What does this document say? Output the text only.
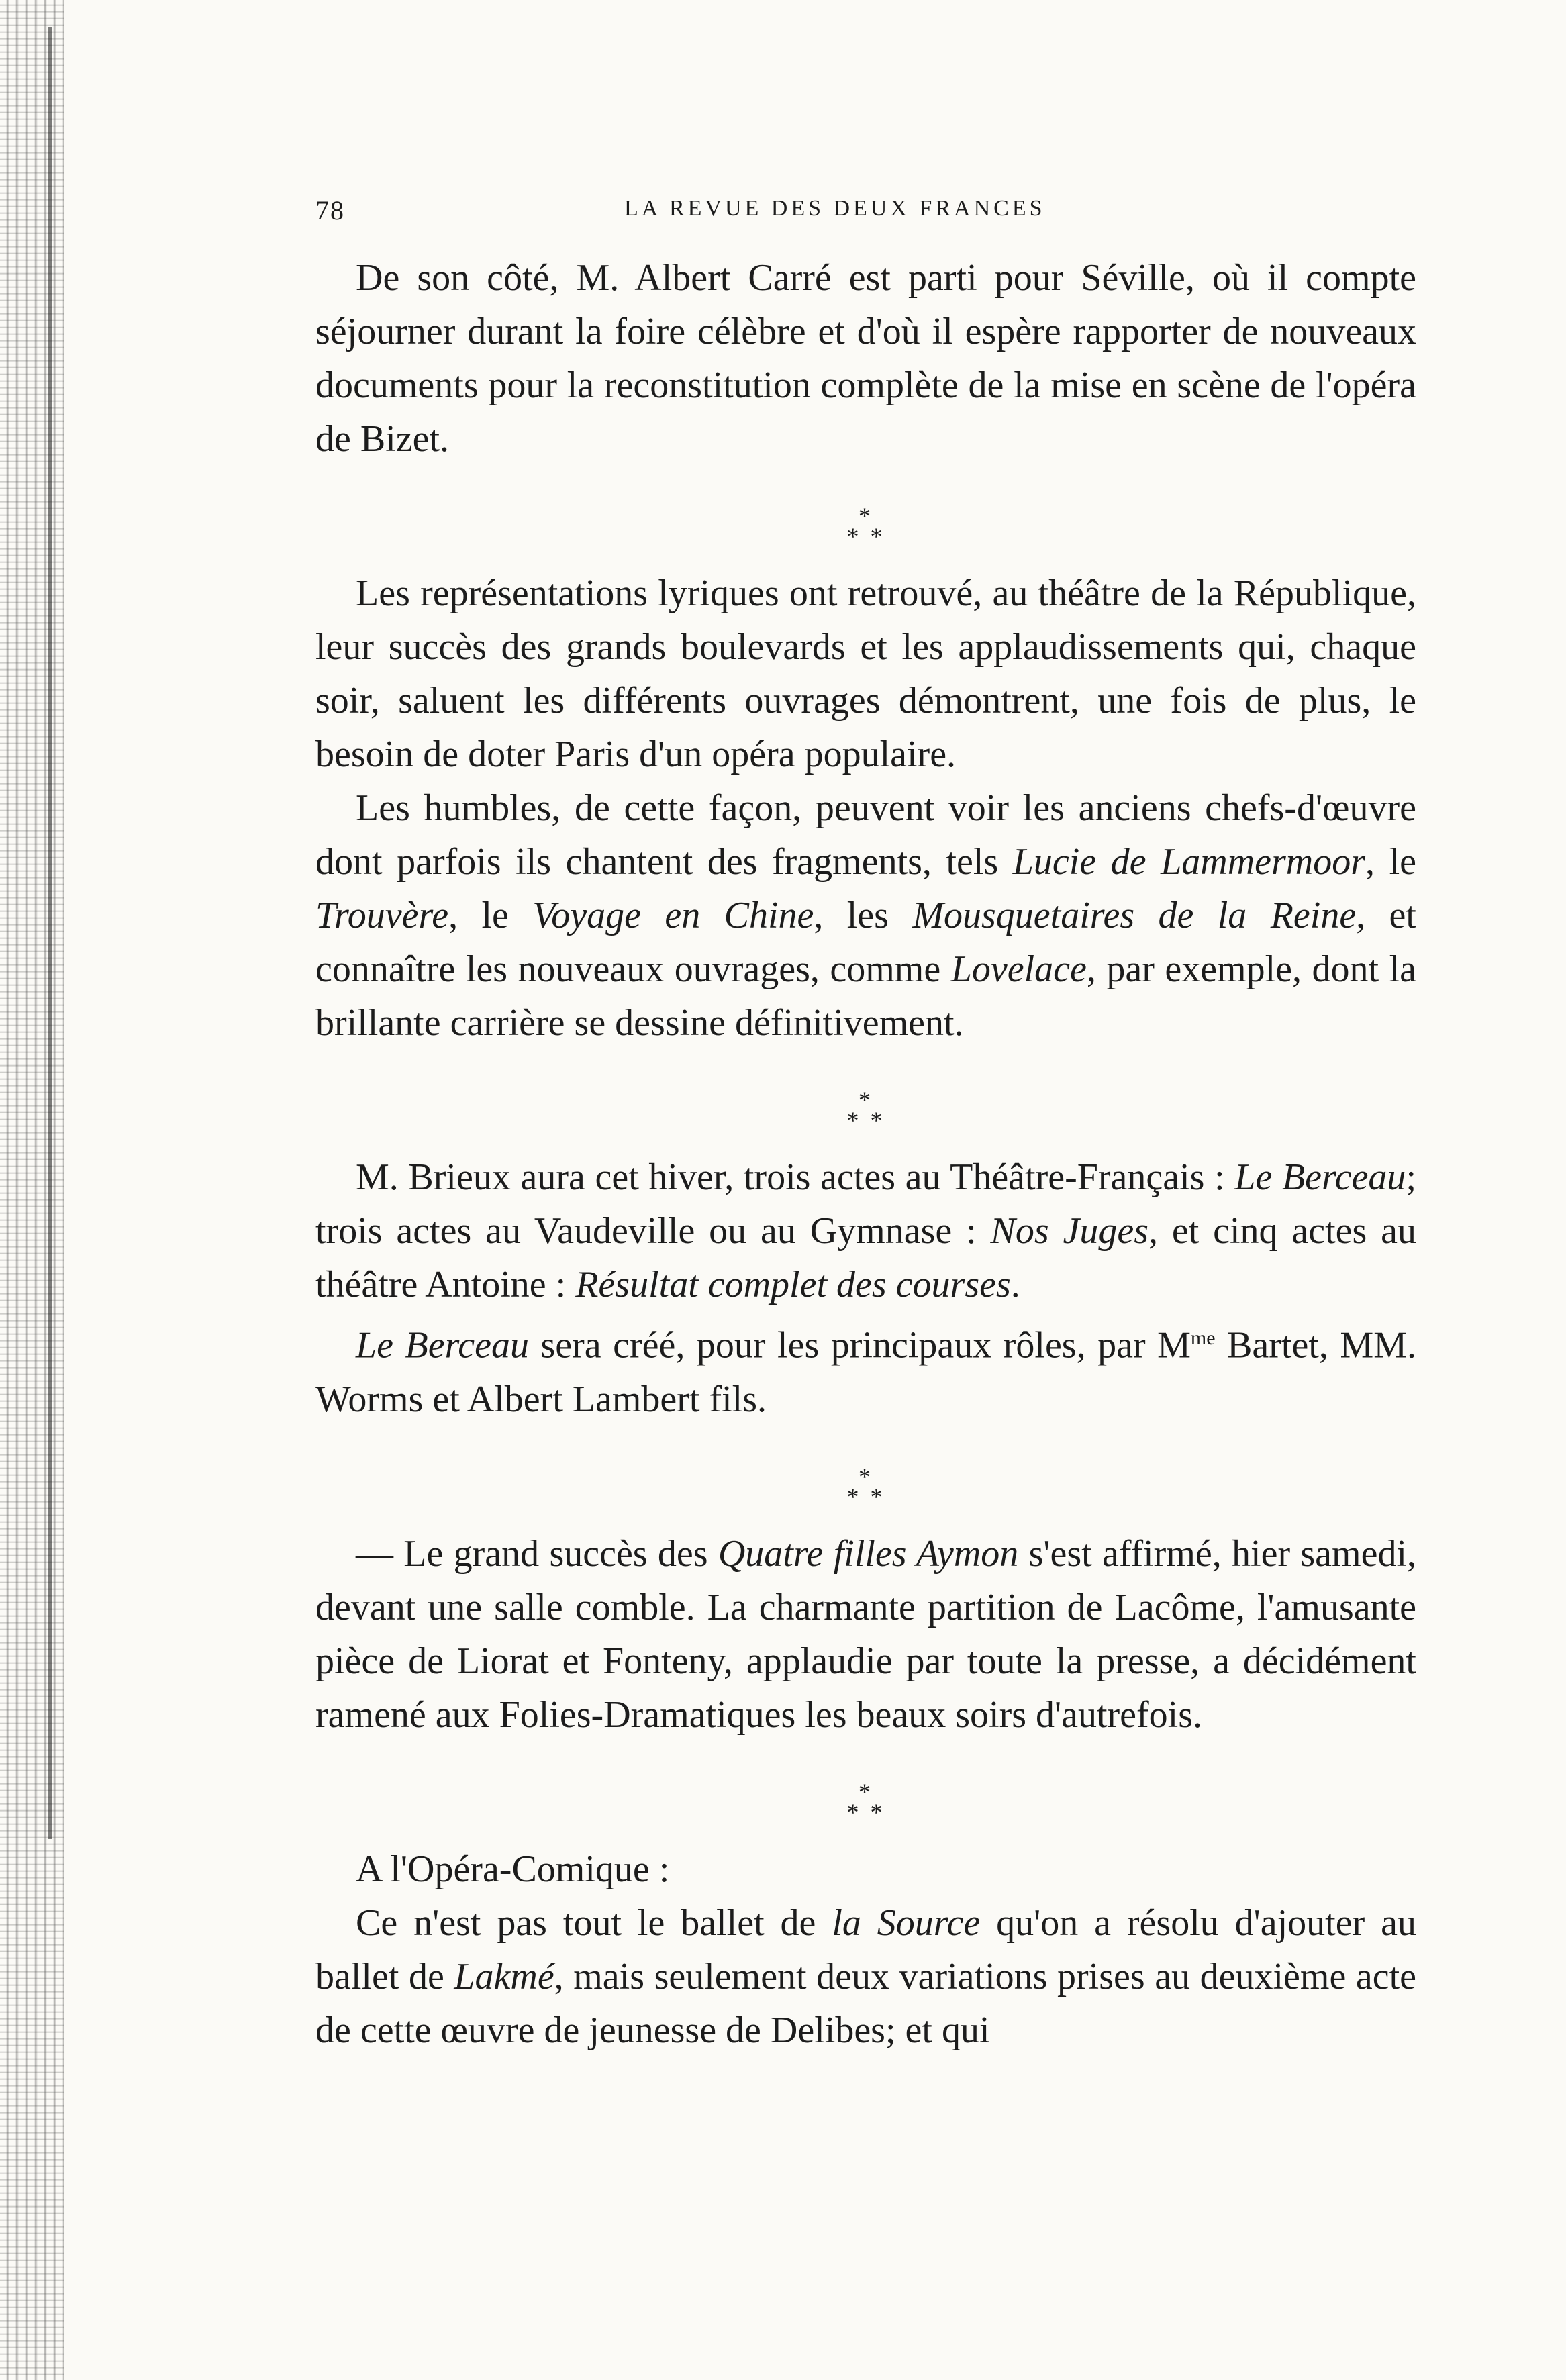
78	LA REVUE DES DEUX FRANCES

De son côté, M. Albert Carré est parti pour Séville, où il compte séjourner durant la foire célèbre et d'où il espère rapporter de nouveaux documents pour la reconstitution complète de la mise en scène de l'opéra de Bizet.

*
* *

Les représentations lyriques ont retrouvé, au théâtre de la République, leur succès des grands boulevards et les applaudissements qui, chaque soir, saluent les différents ouvrages démontrent, une fois de plus, le besoin de doter Paris d'un opéra populaire.

Les humbles, de cette façon, peuvent voir les anciens chefs-d'œuvre dont parfois ils chantent des fragments, tels Lucie de Lammermoor, le Trouvère, le Voyage en Chine, les Mousquetaires de la Reine, et connaître les nouveaux ouvrages, comme Lovelace, par exemple, dont la brillante carrière se dessine définitivement.

*
* *

M. Brieux aura cet hiver, trois actes au Théâtre-Français : Le Berceau; trois actes au Vaudeville ou au Gymnase : Nos Juges, et cinq actes au théâtre Antoine : Résultat complet des courses.

Le Berceau sera créé, pour les principaux rôles, par $M^{me}$ Bartet, MM. Worms et Albert Lambert fils.

*
* *

— Le grand succès des Quatre filles Aymon s'est affirmé, hier samedi, devant une salle comble. La charmante partition de Lacôme, l'amusante pièce de Liorat et Fonteny, applaudie par toute la presse, a décidément ramené aux Folies-Dramatiques les beaux soirs d'autrefois.

*
* *

A l'Opéra-Comique :

Ce n'est pas tout le ballet de la Source qu'on a résolu d'ajouter au ballet de Lakmé, mais seulement deux variations prises au deuxième acte de cette œuvre de jeunesse de Delibes; et qui
